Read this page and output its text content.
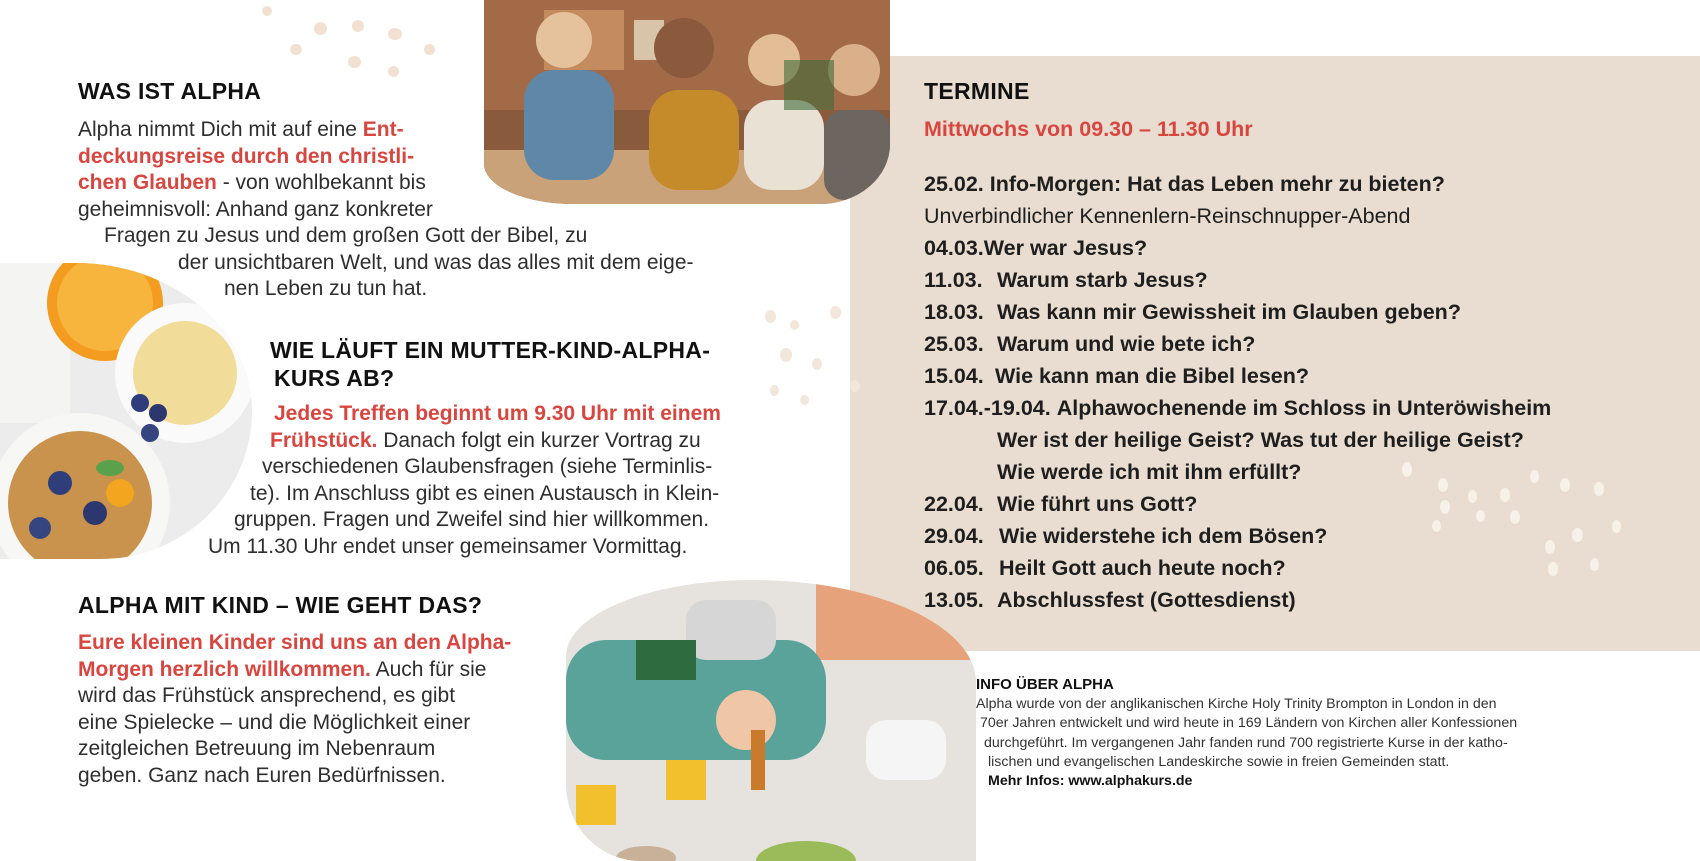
WAS IST ALPHA
Alpha nimmt Dich mit auf eine Ent-
deckungsreise durch den christli-
chen Glauben - von wohlbekannt bis
geheimnisvoll: Anhand ganz konkreter
Fragen zu Jesus und dem großen Gott der Bibel, zu
der unsichtbaren Welt, und was das alles mit dem eige-
nen Leben zu tun hat.
WIE LÄUFT EIN MUTTER-KIND-ALPHA-
KURS AB?
Jedes Treffen beginnt um 9.30 Uhr mit einem
Frühstück. Danach folgt ein kurzer Vortrag zu
verschiedenen Glaubensfragen (siehe Terminlis-
te). Im Anschluss gibt es einen Austausch in Klein-
gruppen. Fragen und Zweifel sind hier willkommen.
Um 11.30 Uhr endet unser gemeinsamer Vormittag.
ALPHA MIT KIND – WIE GEHT DAS?
Eure kleinen Kinder sind uns an den Alpha-
Morgen herzlich willkommen. Auch für sie
wird das Frühstück ansprechend, es gibt
eine Spielecke – und die Möglichkeit einer
zeitgleichen Betreuung im Nebenraum
geben. Ganz nach Euren Bedürfnissen.
TERMINE
Mittwochs von 09.30 – 11.30 Uhr
25.02. Info-Morgen: Hat das Leben mehr zu bieten?
Unverbindlicher Kennenlern-Reinschnupper-Abend
04.03.Wer war Jesus?
11.03. Warum starb Jesus?
18.03. Was kann mir Gewissheit im Glauben geben?
25.03. Warum und wie bete ich?
15.04. Wie kann man die Bibel lesen?
17.04.-19.04. Alphawochenende im Schloss in Unteröwisheim
Wer ist der heilige Geist? Was tut der heilige Geist?
Wie werde ich mit ihm erfüllt?
22.04. Wie führt uns Gott?
29.04. Wie widerstehe ich dem Bösen?
06.05. Heilt Gott auch heute noch?
13.05. Abschlussfest (Gottesdienst)
INFO ÜBER ALPHA
Alpha wurde von der anglikanischen Kirche Holy Trinity Brompton in London in den
70er Jahren entwickelt und wird heute in 169 Ländern von Kirchen aller Konfessionen
durchgeführt. Im vergangenen Jahr fanden rund 700 registrierte Kurse in der katho-
lischen und evangelischen Landeskirche sowie in freien Gemeinden statt.
Mehr Infos: www.alphakurs.de
